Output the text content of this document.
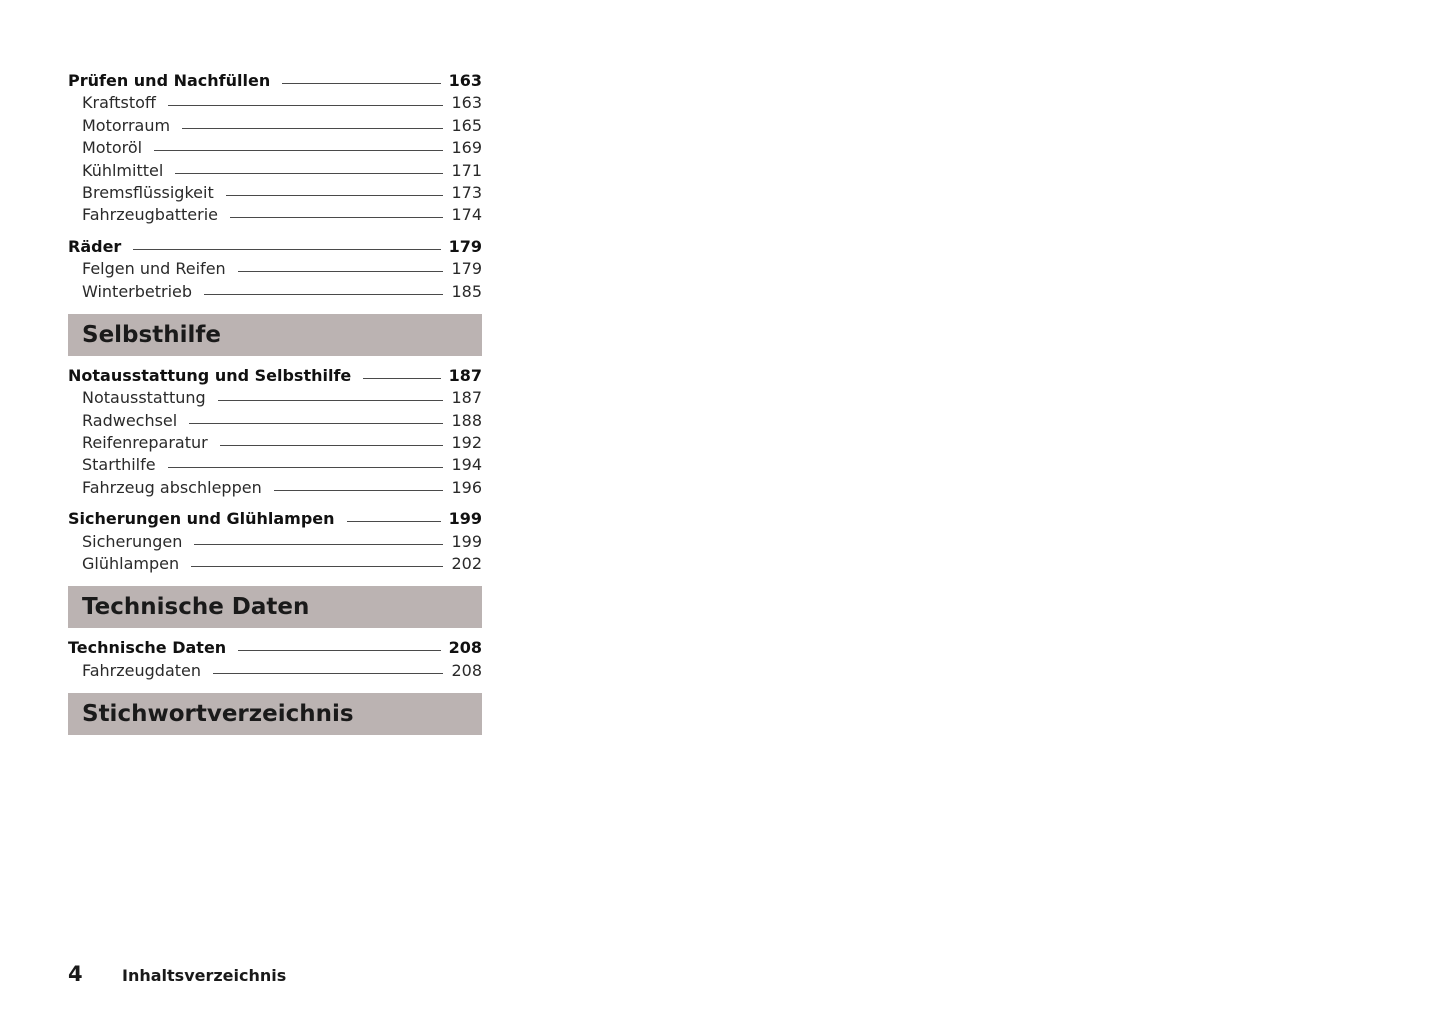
Prüfen und Nachfüllen	163
Kraftstoff	163
Motorraum	165
Motoröl	169
Kühlmittel	171
Bremsflüssigkeit	173
Fahrzeugbatterie	174
Räder	179
Felgen und Reifen	179
Winterbetrieb	185
Selbsthilfe
Notausstattung und Selbsthilfe	187
Notausstattung	187
Radwechsel	188
Reifenreparatur	192
Starthilfe	194
Fahrzeug abschleppen	196
Sicherungen und Glühlampen	199
Sicherungen	199
Glühlampen	202
Technische Daten
Technische Daten	208
Fahrzeugdaten	208
Stichwortverzeichnis
4	Inhaltsverzeichnis
